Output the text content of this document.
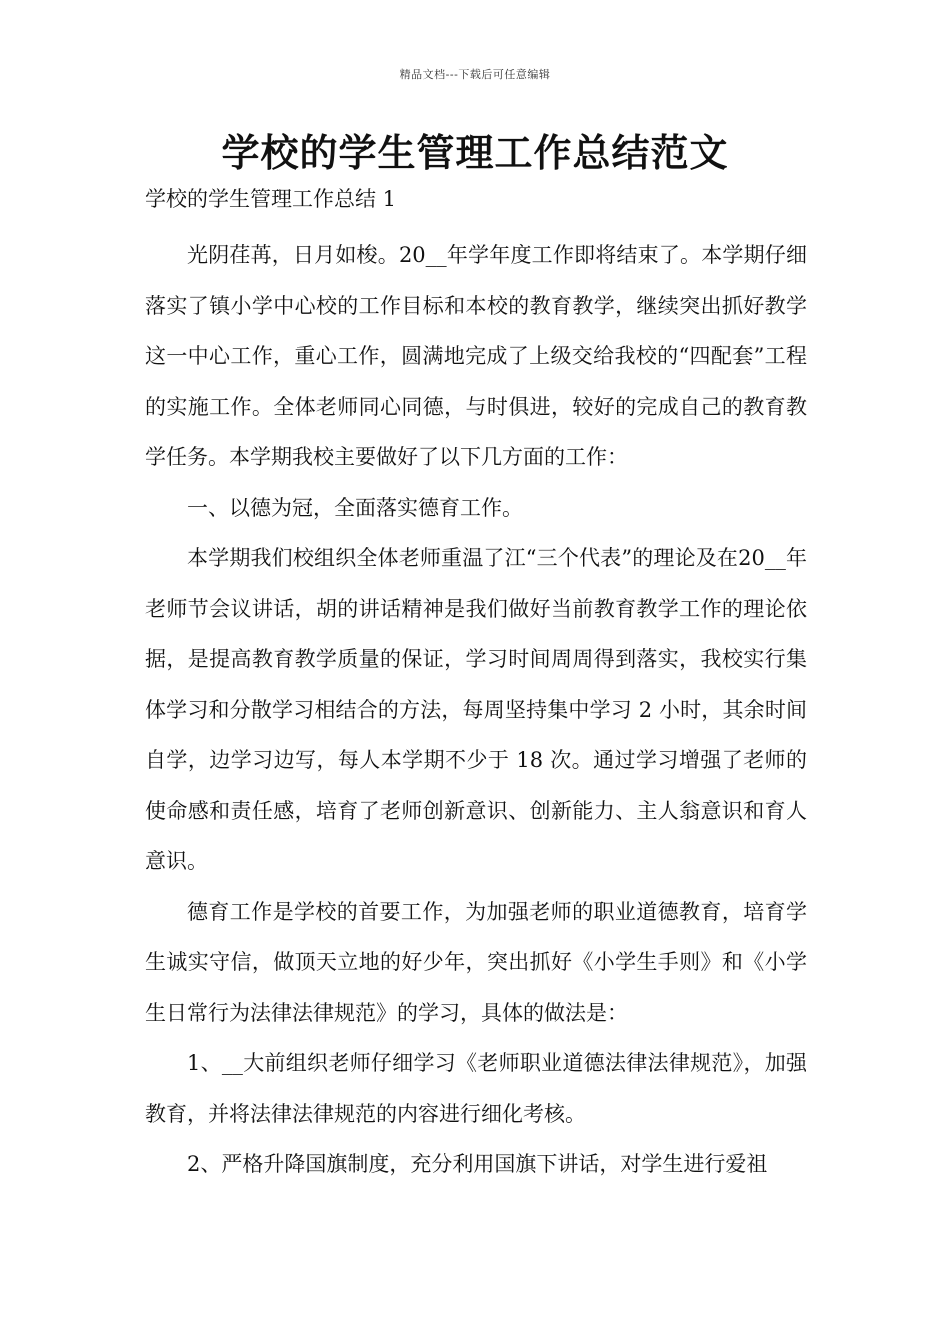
精品文档---下载后可任意编辑
学校的学生管理工作总结范文

学校的学生管理工作总结 1

光阴荏苒，日月如梭。20__年学年度工作即将结束了。本学期仔细落实了镇小学中心校的工作目标和本校的教育教学，继续突出抓好教学这一中心工作，重心工作，圆满地完成了上级交给我校的“四配套”工程的实施工作。全体老师同心同德，与时俱进，较好的完成自己的教育教学任务。本学期我校主要做好了以下几方面的工作：

一、以德为冠，全面落实德育工作。

本学期我们校组织全体老师重温了江“三个代表”的理论及在20__年老师节会议讲话，胡的讲话精神是我们做好当前教育教学工作的理论依据，是提高教育教学质量的保证，学习时间周周得到落实，我校实行集体学习和分散学习相结合的方法，每周坚持集中学习 2 小时，其余时间自学，边学习边写，每人本学期不少于 18 次。通过学习增强了老师的使命感和责任感，培育了老师创新意识、创新能力、主人翁意识和育人意识。

德育工作是学校的首要工作，为加强老师的职业道德教育，培育学生诚实守信，做顶天立地的好少年，突出抓好《小学生手则》和《小学生日常行为法律法律规范》的学习，具体的做法是：

1、__大前组织老师仔细学习《老师职业道德法律法律规范》，加强教育，并将法律法律规范的内容进行细化考核。

2、严格升降国旗制度，充分利用国旗下讲话，对学生进行爱祖
